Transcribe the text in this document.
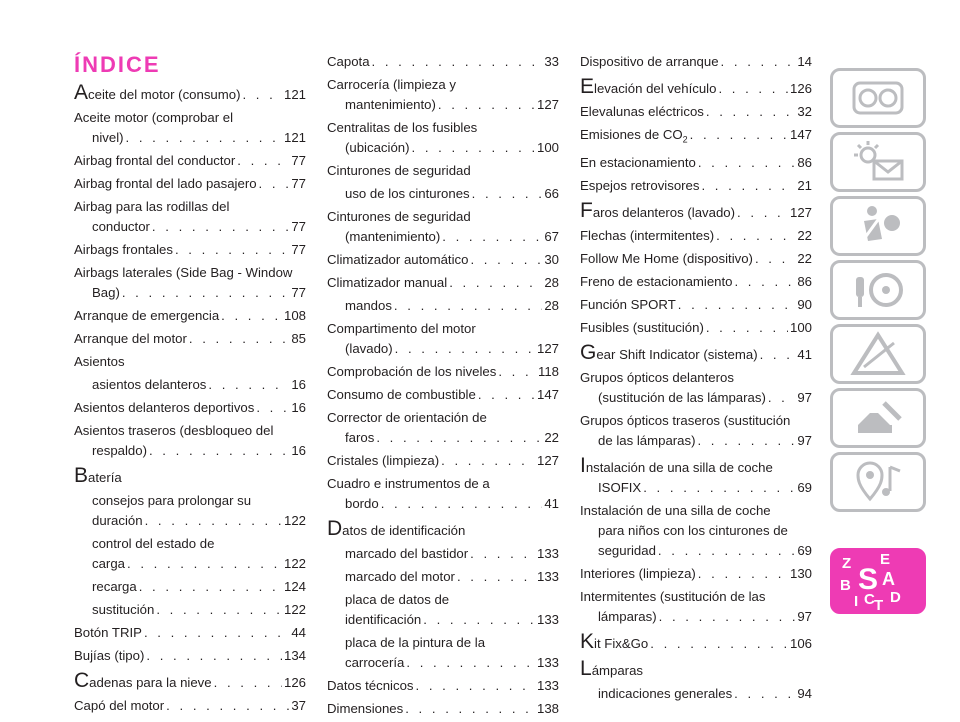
ÍNDICE
Aceite del motor (consumo) . . .	121
Aceite motor (comprobar el
nivel) . . .	121
Airbag frontal del conductor . . .	77
Airbag frontal del lado pasajero . . .	77
Airbag para las rodillas del
conductor . . .	77
Airbags frontales . . .	77
Airbags laterales (Side Bag - Window
Bag) . . .	77
Arranque de emergencia . . .	108
Arranque del motor . . .	85
Asientos
asientos delanteros . . .	16
Asientos delanteros deportivos . . .	16
Asientos traseros (desbloqueo del
respaldo) . . .	16
Batería
consejos para prolongar su
duración . . .	122
control del estado de
carga . . .	122
recarga . . .	124
sustitución . . .	122
Botón TRIP . . .	44
Bujías (tipo) . . .	134
Cadenas para la nieve . . .	126
Capó del motor . . .	37
Capota . . .	33
Carrocería (limpieza y
mantenimiento) . . .	127
Centralitas de los fusibles
(ubicación) . . .	100
Cinturones de seguridad
uso de los cinturones . . .	66
Cinturones de seguridad
(mantenimiento) . . .	67
Climatizador automático . . .	30
Climatizador manual . . .	28
mandos . . .	28
Compartimento del motor
(lavado) . . .	127
Comprobación de los niveles . . .	118
Consumo de combustible . . .	147
Corrector de orientación de
faros . . .	22
Cristales (limpieza) . . .	127
Cuadro e instrumentos de a
bordo . . .	41
Datos de identificación
marcado del bastidor . . .	133
marcado del motor . . .	133
placa de datos de
identificación . . .	133
placa de la pintura de la
carrocería . . .	133
Datos técnicos . . .	133
Dimensiones . . .	138
Dispositivo de arranque . . .	14
Elevación del vehículo . . .	126
Elevalunas eléctricos . . .	32
Emisiones de $CO_2$ . . .	147
En estacionamiento . . .	86
Espejos retrovisores . . .	21
Faros delanteros (lavado) . . .	127
Flechas (intermitentes) . . .	22
Follow Me Home (dispositivo) . . .	22
Freno de estacionamiento . . .	86
Función SPORT . . .	90
Fusibles (sustitución) . . .	100
Gear Shift Indicator (sistema) . . .	41
Grupos ópticos delanteros
(sustitución de las lámparas) . . . 97
Grupos ópticos traseros (sustitución
de las lámparas) . . .	97
Instalación de una silla de coche
ISOFIX . . .	69
Instalación de una silla de coche
para niños con los cinturones de
seguridad . . .	69
Interiores (limpieza) . . .	130
Intermitentes (sustitución de las
lámparas) . . .	97
Kit Fix&Go . . .	106
Lámparas
indicaciones generales . . .	94
Z E
B S A
I C T D
